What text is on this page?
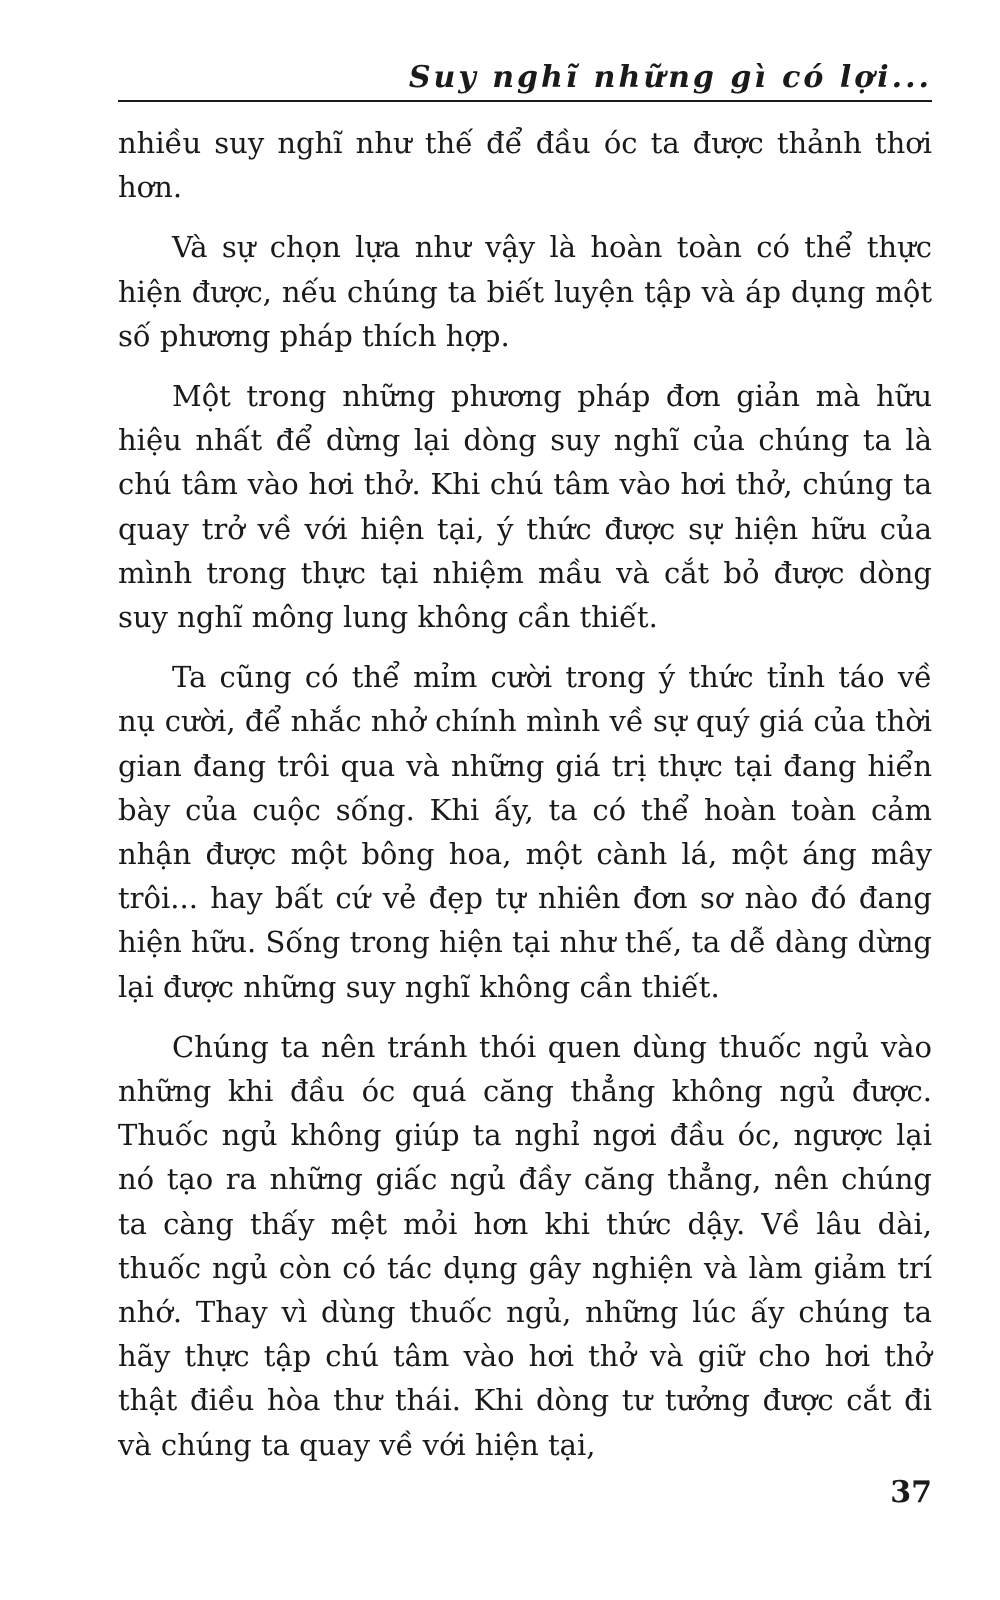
Suy nghĩ những gì có lợi...

nhiều suy nghĩ như thế để đầu óc ta được thảnh thơi hơn.

Và sự chọn lựa như vậy là hoàn toàn có thể thực hiện được, nếu chúng ta biết luyện tập và áp dụng một số phương pháp thích hợp.

Một trong những phương pháp đơn giản mà hữu hiệu nhất để dừng lại dòng suy nghĩ của chúng ta là chú tâm vào hơi thở. Khi chú tâm vào hơi thở, chúng ta quay trở về với hiện tại, ý thức được sự hiện hữu của mình trong thực tại nhiệm mầu và cắt bỏ được dòng suy nghĩ mông lung không cần thiết.

Ta cũng có thể mỉm cười trong ý thức tỉnh táo về nụ cười, để nhắc nhở chính mình về sự quý giá của thời gian đang trôi qua và những giá trị thực tại đang hiển bày của cuộc sống. Khi ấy, ta có thể hoàn toàn cảm nhận được một bông hoa, một cành lá, một áng mây trôi... hay bất cứ vẻ đẹp tự nhiên đơn sơ nào đó đang hiện hữu. Sống trong hiện tại như thế, ta dễ dàng dừng lại được những suy nghĩ không cần thiết.

Chúng ta nên tránh thói quen dùng thuốc ngủ vào những khi đầu óc quá căng thẳng không ngủ được. Thuốc ngủ không giúp ta nghỉ ngơi đầu óc, ngược lại nó tạo ra những giấc ngủ đầy căng thẳng, nên chúng ta càng thấy mệt mỏi hơn khi thức dậy. Về lâu dài, thuốc ngủ còn có tác dụng gây nghiện và làm giảm trí nhớ. Thay vì dùng thuốc ngủ, những lúc ấy chúng ta hãy thực tập chú tâm vào hơi thở và giữ cho hơi thở thật điều hòa thư thái. Khi dòng tư tưởng được cắt đi và chúng ta quay về với hiện tại,

37
